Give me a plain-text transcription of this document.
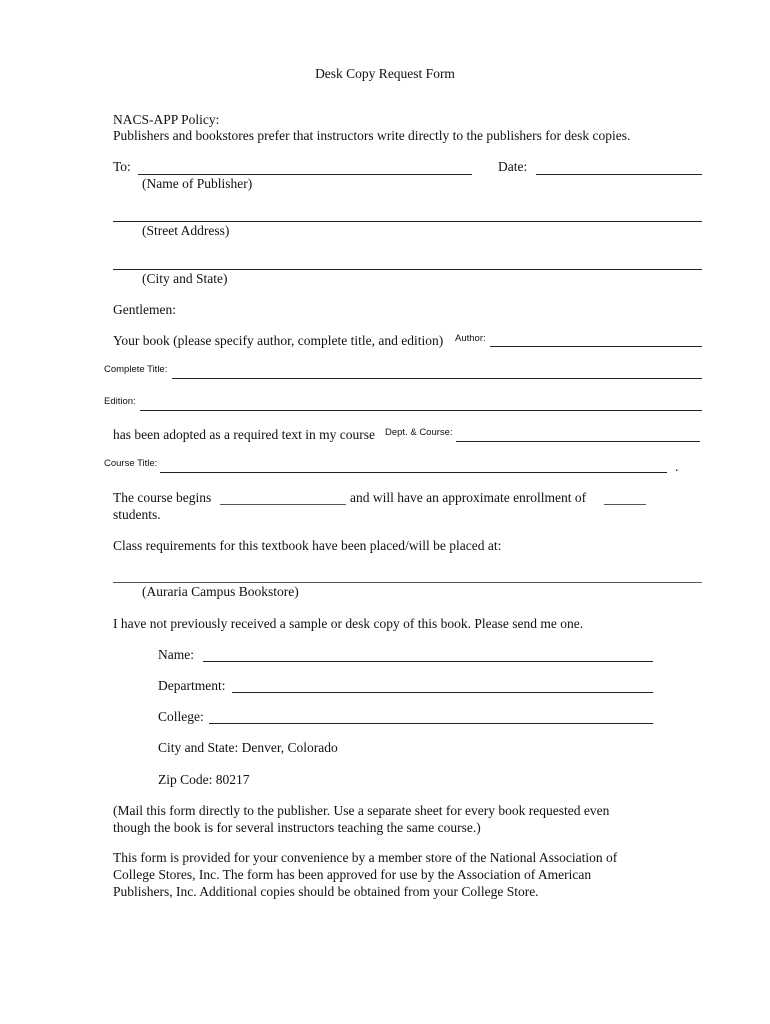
Desk Copy Request Form
NACS-APP Policy:
Publishers and bookstores prefer that instructors write directly to the publishers for desk copies.
To:	Date:
(Name of Publisher)
(Street Address)
(City and State)
Gentlemen:
Your book (please specify author, complete title, and edition) Author:
Complete Title:
Edition:
has been adopted as a required text in my course Dept. & Course:
Course Title:	.
The course begins	and will have an approximate enrollment of
students.
Class requirements for this textbook have been placed/will be placed at:
(Auraria Campus Bookstore)
I have not previously received a sample or desk copy of this book. Please send me one.
Name:
Department:
College:
City and State: Denver, Colorado
Zip Code: 80217
(Mail this form directly to the publisher. Use a separate sheet for every book requested even
though the book is for several instructors teaching the same course.)
This form is provided for your convenience by a member store of the National Association of
College Stores, Inc. The form has been approved for use by the Association of American
Publishers, Inc. Additional copies should be obtained from your College Store.
